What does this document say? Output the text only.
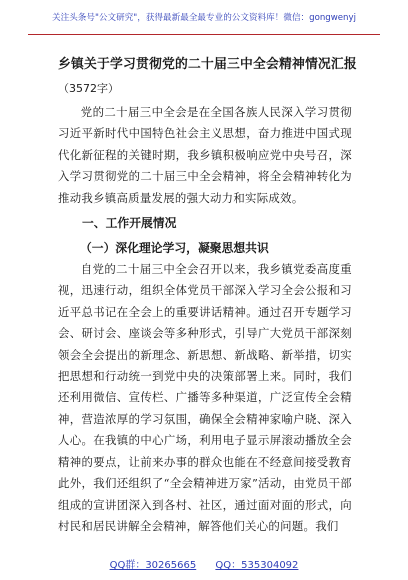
关注头条号"公文研究"，获得最新最全最专业的公文资料库！微信：gongwenyj
乡镇关于学习贯彻党的二十届三中全会精神情况汇报
（3572字）

党的二十届三中全会是在全国各族人民深入学习贯彻习近平新时代中国特色社会主义思想，奋力推进中国式现代化新征程的关键时期，我乡镇积极响应党中央号召，深入学习贯彻党的二十届三中全会精神，将全会精神转化为推动我乡镇高质量发展的强大动力和实际成效。

一、工作开展情况
（一）深化理论学习，凝聚思想共识

自党的二十届三中全会召开以来，我乡镇党委高度重视，迅速行动，组织全体党员干部深入学习全会公报和习近平总书记在全会上的重要讲话精神。通过召开专题学习会、研讨会、座谈会等多种形式，引导广大党员干部深刻领会全会提出的新理念、新思想、新战略、新举措，切实把思想和行动统一到党中央的决策部署上来。同时，我们还利用微信、宣传栏、广播等多种渠道，广泛宣传全会精神，营造浓厚的学习氛围，确保全会精神家喻户晓、深入人心。在我镇的中心广场，利用电子显示屏滚动播放全会精神的要点，让前来办事的群众也能在不经意间接受教育此外，我们还组织了“全会精神进万家”活动，由党员干部组成的宣讲团深入到各村、社区，通过面对面的形式，向村民和居民讲解全会精神，解答他们关心的问题。我们

QQ群：30265665 QQ：535304092
